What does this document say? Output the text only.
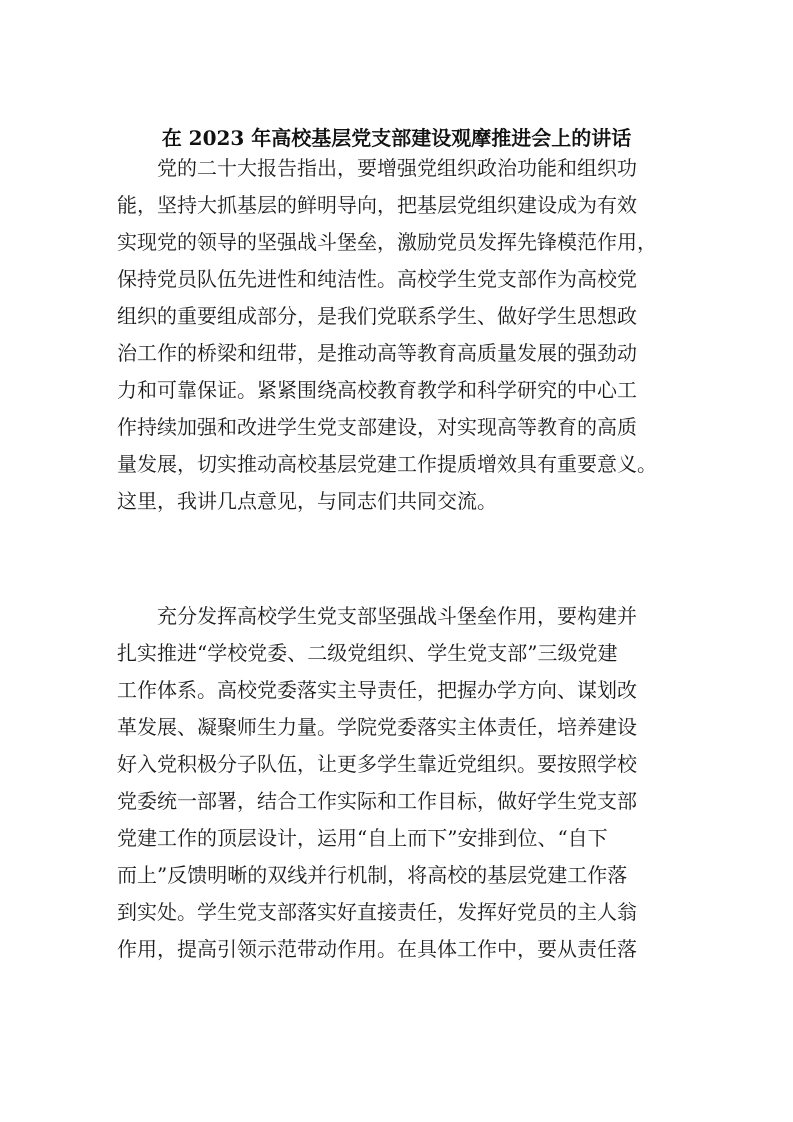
在 2023 年高校基层党支部建设观摩推进会上的讲话
　　党的二十大报告指出，要增强党组织政治功能和组织功
能，坚持大抓基层的鲜明导向，把基层党组织建设成为有效
实现党的领导的坚强战斗堡垒，激励党员发挥先锋模范作用，
保持党员队伍先进性和纯洁性。高校学生党支部作为高校党
组织的重要组成部分，是我们党联系学生、做好学生思想政
治工作的桥梁和纽带，是推动高等教育高质量发展的强劲动
力和可靠保证。紧紧围绕高校教育教学和科学研究的中心工
作持续加强和改进学生党支部建设，对实现高等教育的高质
量发展，切实推动高校基层党建工作提质增效具有重要意义。
这里，我讲几点意见，与同志们共同交流。
　　充分发挥高校学生党支部坚强战斗堡垒作用，要构建并
扎实推进“学校党委、二级党组织、学生党支部”三级党建
工作体系。高校党委落实主导责任，把握办学方向、谋划改
革发展、凝聚师生力量。学院党委落实主体责任，培养建设
好入党积极分子队伍，让更多学生靠近党组织。要按照学校
党委统一部署，结合工作实际和工作目标，做好学生党支部
党建工作的顶层设计，运用“自上而下”安排到位、“自下
而上”反馈明晰的双线并行机制，将高校的基层党建工作落
到实处。学生党支部落实好直接责任，发挥好党员的主人翁
作用，提高引领示范带动作用。在具体工作中，要从责任落
